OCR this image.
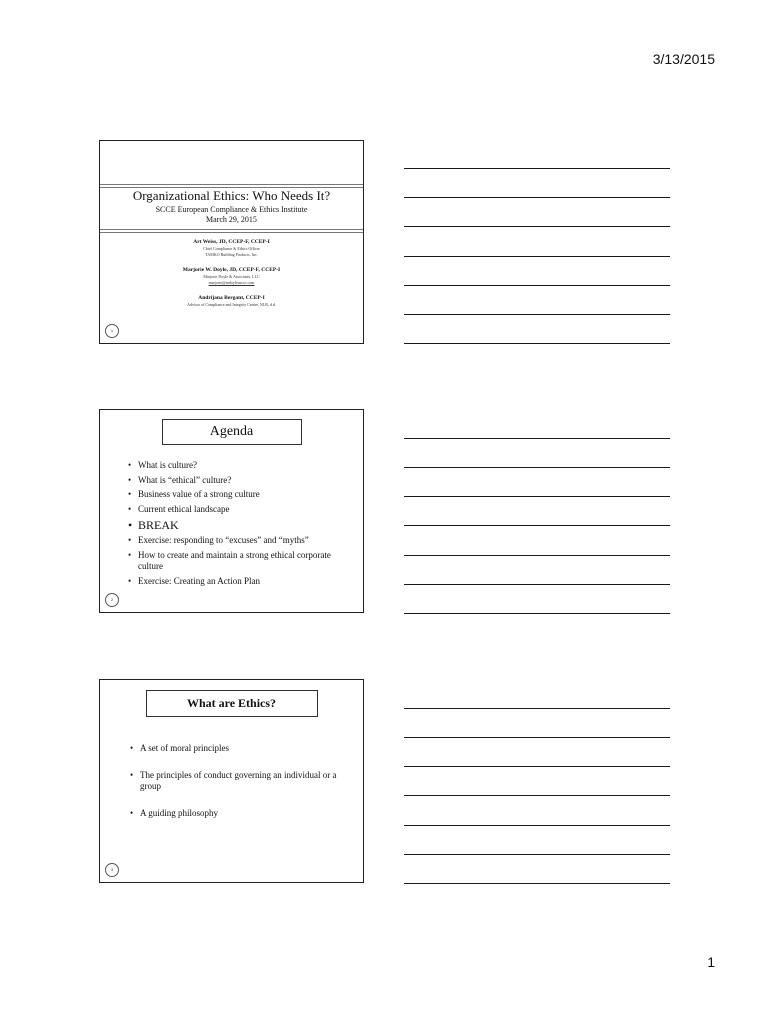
3/13/2015
Organizational Ethics: Who Needs It?
SCCE European Compliance & Ethics Institute
March 29, 2015
Art Weiss, JD, CCEP-F, CCEP-I
Chief Compliance & Ethics Officer
TAMKO Building Products, Inc.
Marjorie W. Doyle, JD, CCEP-F, CCEP-I
Marjorie Doyle & Associates, LLC
marjorie@mdoyleassoc.com
Andrijana Bergant, CCEP-I
Advisor of Compliance and Integrity Centre, NLB, d.d.
1
Agenda
• What is culture?
• What is “ethical” culture?
• Business value of a strong culture
• Current ethical landscape
• BREAK
• Exercise: responding to “excuses” and “myths”
• How to create and maintain a strong ethical corporate culture
• Exercise: Creating an Action Plan
2
What are Ethics?
• A set of moral principles
• The principles of conduct governing an individual or a group
• A guiding philosophy
3
1
